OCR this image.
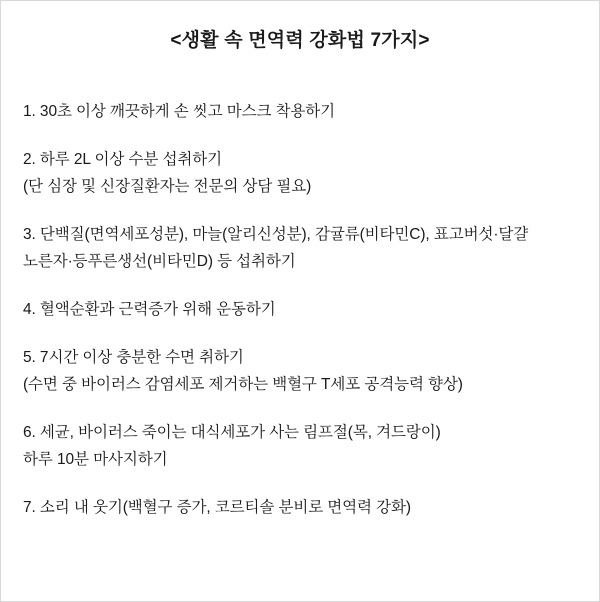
<생활 속 면역력 강화법 7가지>
1. 30초 이상 깨끗하게 손 씻고 마스크 착용하기
2. 하루 2L 이상 수분 섭취하기
(단 심장 및 신장질환자는 전문의 상담 필요)
3. 단백질(면역세포성분), 마늘(알리신성분), 감귤류(비타민C), 표고버섯·달걀
노른자·등푸른생선(비타민D) 등 섭취하기
4. 혈액순환과 근력증가 위해 운동하기
5. 7시간 이상 충분한 수면 취하기
(수면 중 바이러스 감염세포 제거하는 백혈구 T세포 공격능력 향상)
6. 세균, 바이러스 죽이는 대식세포가 사는 림프절(목, 겨드랑이)
하루 10분 마사지하기
7. 소리 내 웃기(백혈구 증가, 코르티솔 분비로 면역력 강화)
